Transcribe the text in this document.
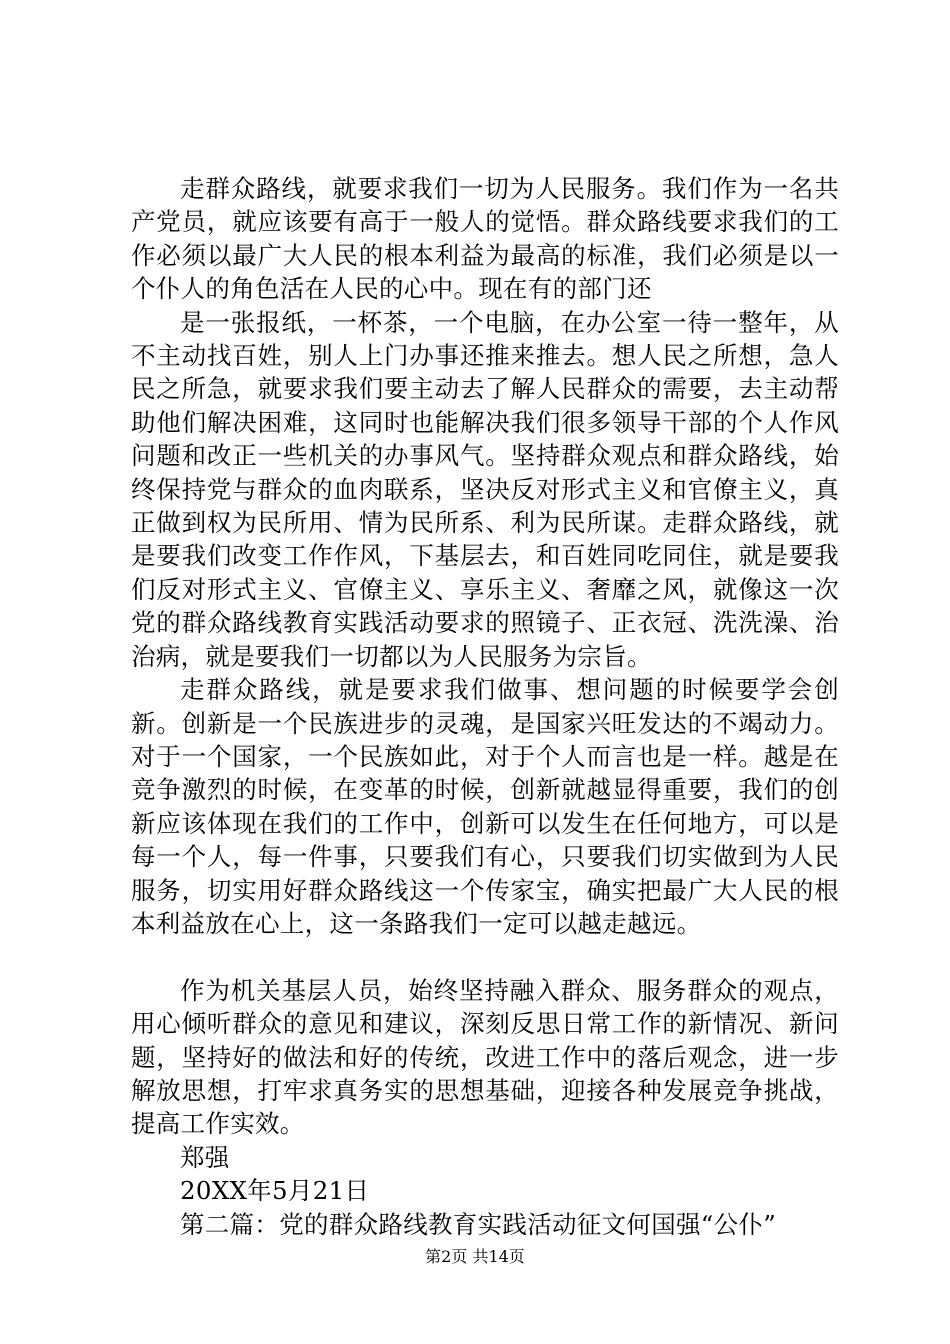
走群众路线，就要求我们一切为人民服务。我们作为一名共产党员，就应该要有高于一般人的觉悟。群众路线要求我们的工作必须以最广大人民的根本利益为最高的标准，我们必须是以一个仆人的角色活在人民的心中。现在有的部门还

是一张报纸，一杯茶，一个电脑，在办公室一待一整年，从不主动找百姓，别人上门办事还推来推去。想人民之所想，急人民之所急，就要求我们要主动去了解人民群众的需要，去主动帮助他们解决困难，这同时也能解决我们很多领导干部的个人作风问题和改正一些机关的办事风气。坚持群众观点和群众路线，始终保持党与群众的血肉联系，坚决反对形式主义和官僚主义，真正做到权为民所用、情为民所系、利为民所谋。走群众路线，就是要我们改变工作作风，下基层去，和百姓同吃同住，就是要我们反对形式主义、官僚主义、享乐主义、奢靡之风，就像这一次党的群众路线教育实践活动要求的照镜子、正衣冠、洗洗澡、治治病，就是要我们一切都以为人民服务为宗旨。

走群众路线，就是要求我们做事、想问题的时候要学会创新。创新是一个民族进步的灵魂，是国家兴旺发达的不竭动力。对于一个国家，一个民族如此，对于个人而言也是一样。越是在竞争激烈的时候，在变革的时候，创新就越显得重要，我们的创新应该体现在我们的工作中，创新可以发生在任何地方，可以是每一个人，每一件事，只要我们有心，只要我们切实做到为人民服务，切实用好群众路线这一个传家宝，确实把最广大人民的根本利益放在心上，这一条路我们一定可以越走越远。

作为机关基层人员，始终坚持融入群众、服务群众的观点，用心倾听群众的意见和建议，深刻反思日常工作的新情况、新问题，坚持好的做法和好的传统，改进工作中的落后观念，进一步解放思想，打牢求真务实的思想基础，迎接各种发展竞争挑战，提高工作实效。

郑强

20XX年5月21日

第二篇：党的群众路线教育实践活动征文何国强“公仆”

第2页 共14页
